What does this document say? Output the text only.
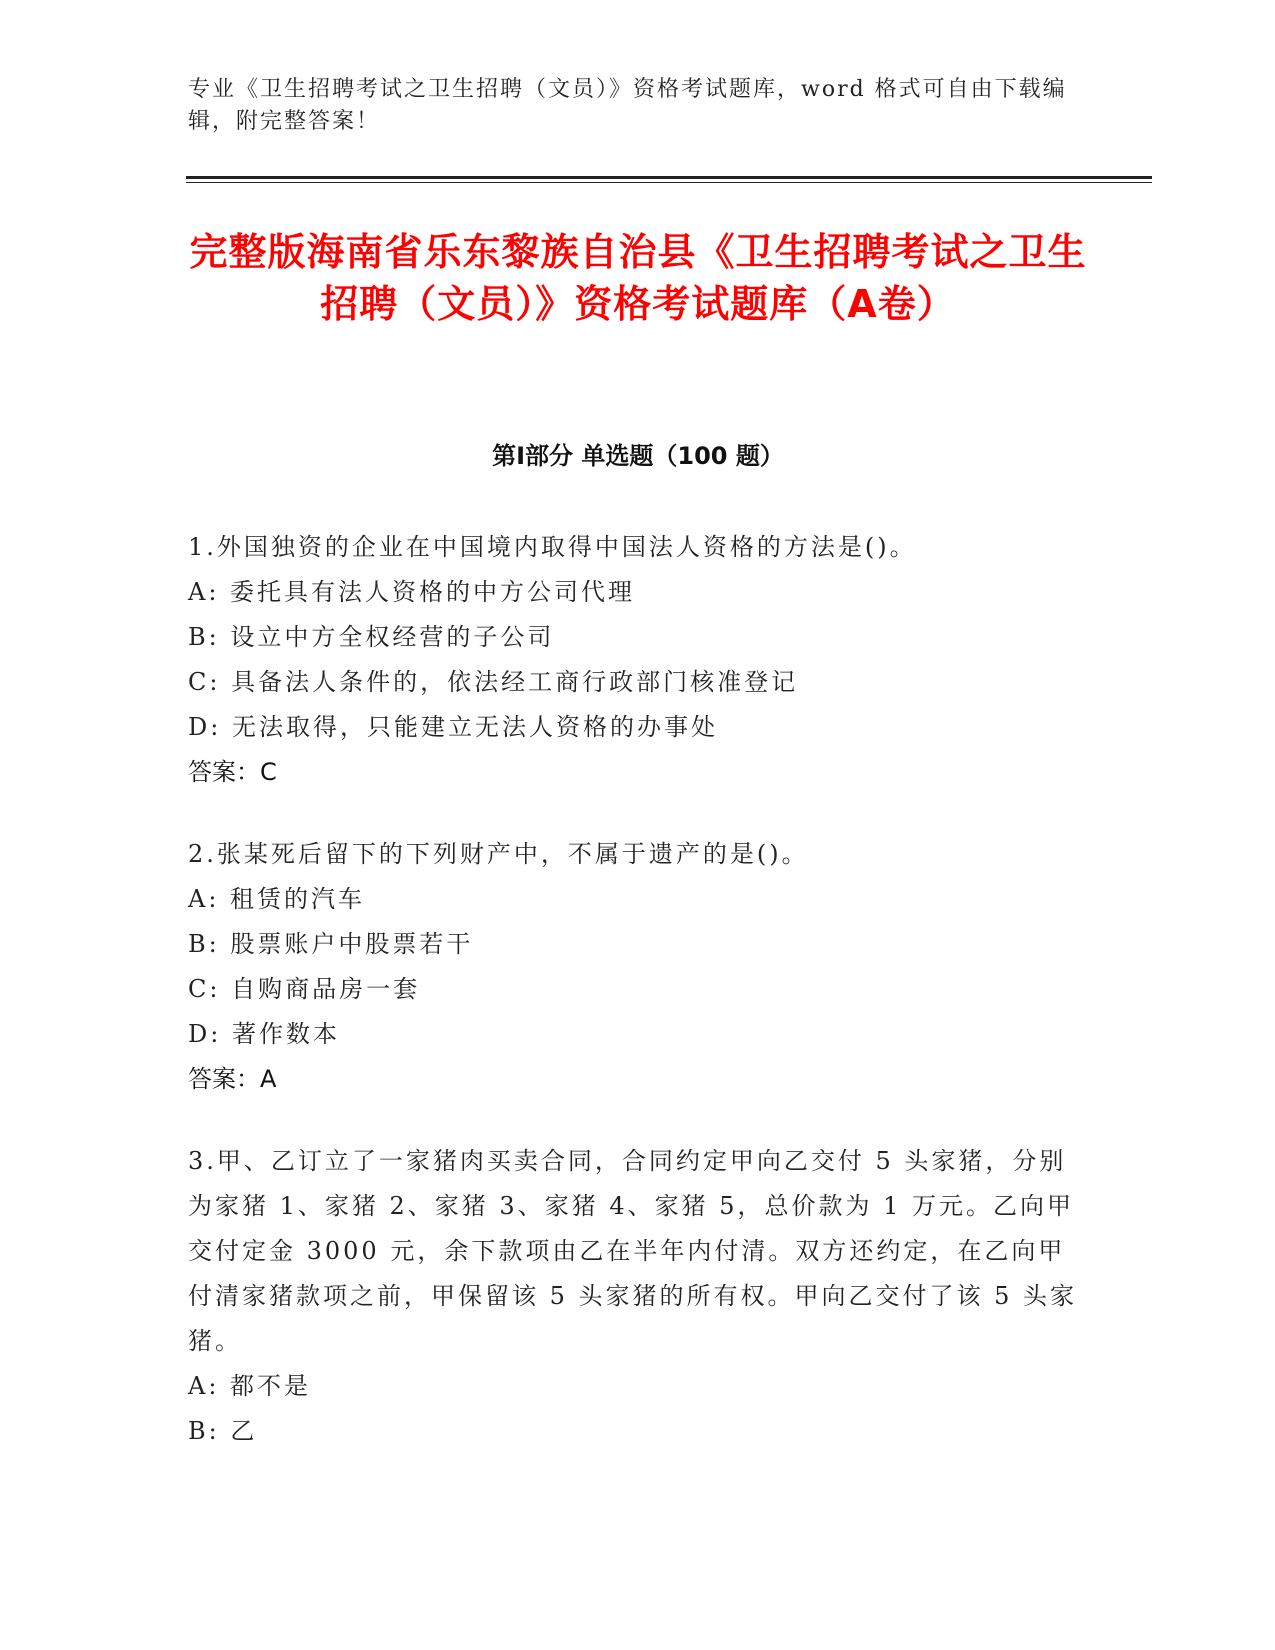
专业《卫生招聘考试之卫生招聘（文员）》资格考试题库，word 格式可自由下载编辑，附完整答案！
完整版海南省乐东黎族自治县《卫生招聘考试之卫生招聘（文员）》资格考试题库（A卷）
第Ⅰ部分 单选题（100 题）
1.外国独资的企业在中国境内取得中国法人资格的方法是()。
A: 委托具有法人资格的中方公司代理
B: 设立中方全权经营的子公司
C: 具备法人条件的，依法经工商行政部门核准登记
D: 无法取得，只能建立无法人资格的办事处
答案：C
2.张某死后留下的下列财产中，不属于遗产的是()。
A: 租赁的汽车
B: 股票账户中股票若干
C: 自购商品房一套
D: 著作数本
答案：A
3.甲、乙订立了一家猪肉买卖合同，合同约定甲向乙交付 5 头家猪，分别为家猪 1、家猪 2、家猪 3、家猪 4、家猪 5，总价款为 1 万元。乙向甲交付定金 3000 元，余下款项由乙在半年内付清。双方还约定，在乙向甲付清家猪款项之前，甲保留该 5 头家猪的所有权。甲向乙交付了该 5 头家猪。
A: 都不是
B: 乙
